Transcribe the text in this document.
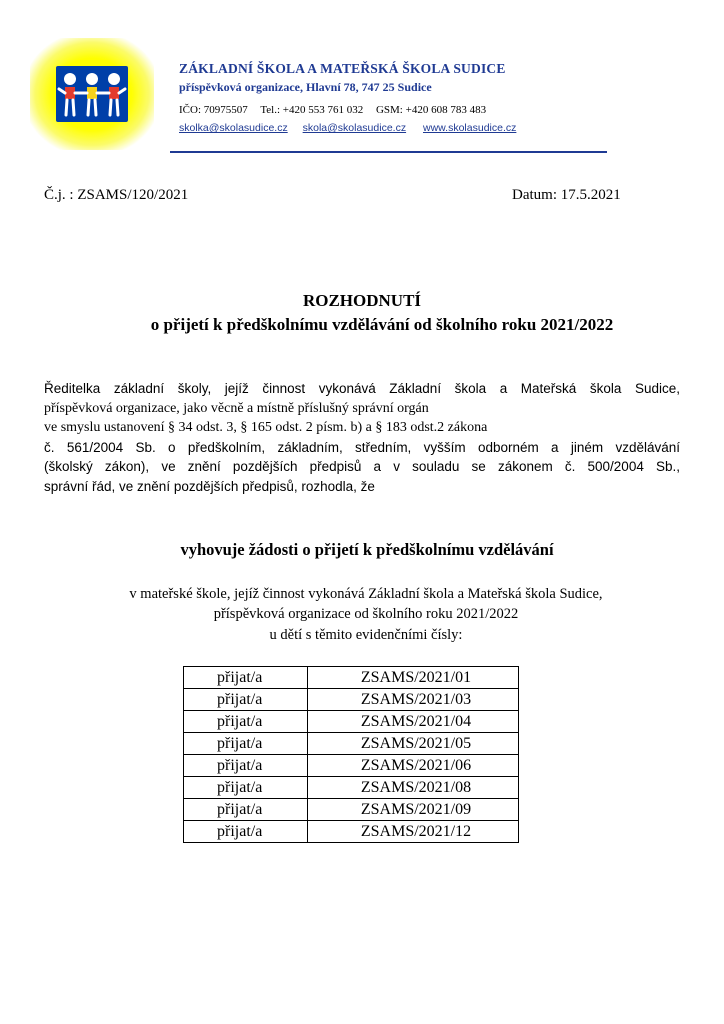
ZÁKLADNÍ ŠKOLA A MATEŘSKÁ ŠKOLA SUDICE
příspěvková organizace, Hlavní 78, 747 25 Sudice
IČO: 70975507 Tel.: +420 553 761 032 GSM: +420 608 783 483
skolka@skolasudice.cz skola@skolasudice.cz www.skolasudice.cz
Č.j. : ZSAMS/120/2021	Datum: 17.5.2021
ROZHODNUTÍ
o přijetí k předškolnímu vzdělávání od školního roku 2021/2022
Ředitelka základní školy, jejíž činnost vykonává Základní škola a Mateřská škola Sudice,
příspěvková organizace, jako věcně a místně příslušný správní orgán
ve smyslu ustanovení § 34 odst. 3, § 165 odst. 2 písm. b) a § 183 odst.2 zákona
č. 561/2004 Sb. o předškolním, základním, středním, vyšším odborném a jiném vzdělávání
(školský zákon), ve znění pozdějších předpisů a v souladu se zákonem č. 500/2004 Sb.,
správní řád, ve znění pozdějších předpisů, rozhodla, že
vyhovuje žádosti o přijetí k předškolnímu vzdělávání
v mateřské škole, jejíž činnost vykonává Základní škola a Mateřská škola Sudice,
příspěvková organizace od školního roku 2021/2022
u dětí s těmito evidenčními čísly:
přijat/a	ZSAMS/2021/01
přijat/a	ZSAMS/2021/03
přijat/a	ZSAMS/2021/04
přijat/a	ZSAMS/2021/05
přijat/a	ZSAMS/2021/06
přijat/a	ZSAMS/2021/08
přijat/a	ZSAMS/2021/09
přijat/a	ZSAMS/2021/12
